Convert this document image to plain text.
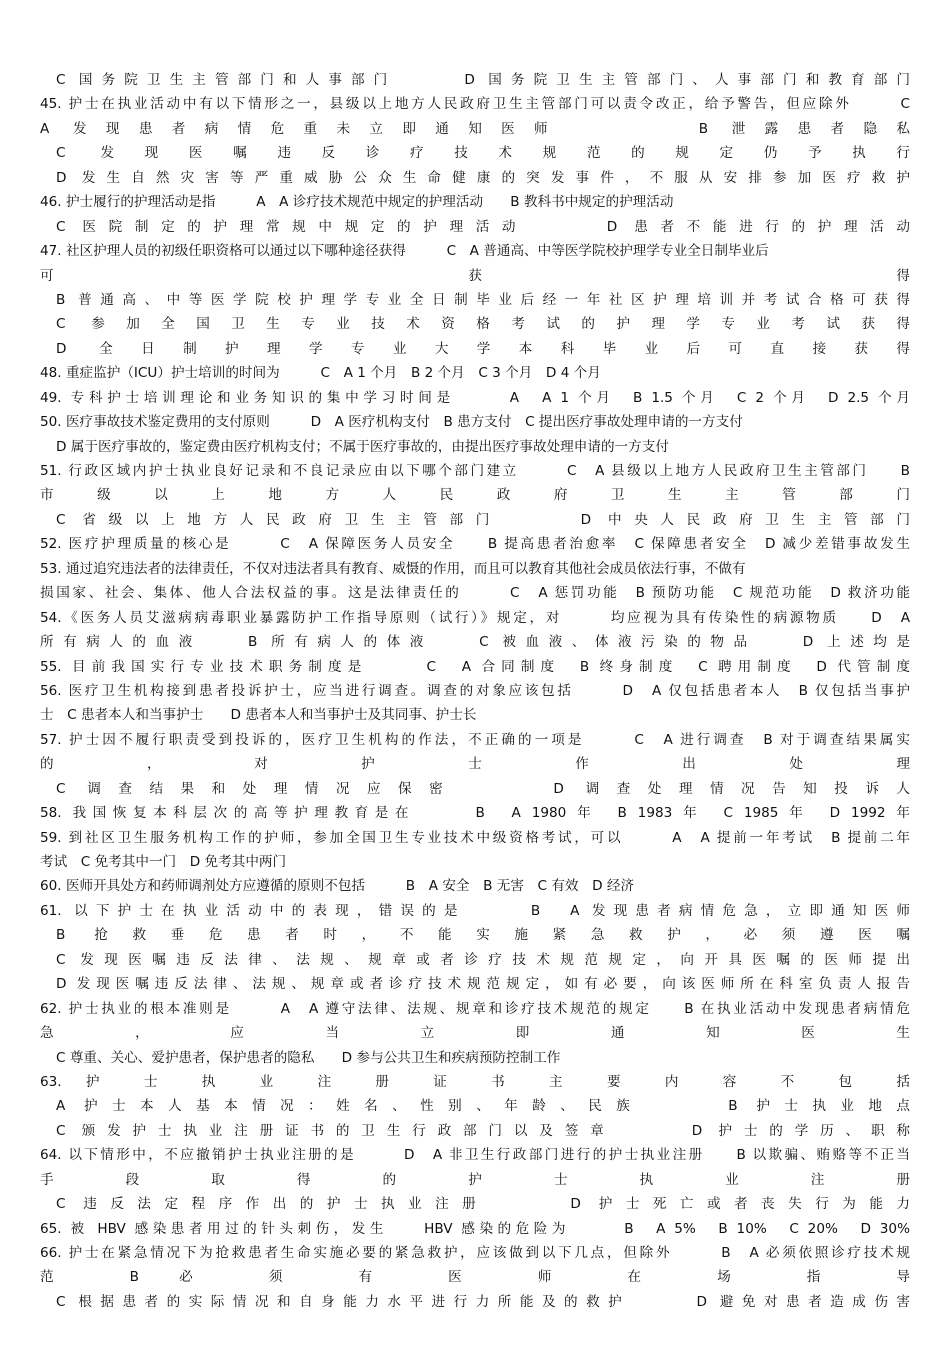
C 国务院卫生主管部门和人事部门　　　D 国务院卫生主管部门、人事部门和教育部门
45. 护士在执业活动中有以下情形之一，县级以上地方人民政府卫生主管部门可以责令改正，给予警告，但应除外　　　C
A 发现患者病情危重未立即通知医师　　　　B 泄露患者隐私
C 发现医嘱违反诊疗技术规范的规定仍予执行
D 发生自然灾害等严重威胁公众生命健康的突发事件，不服从安排参加医疗救护
46. 护士履行的护理活动是指　　　A　A 诊疗技术规范中规定的护理活动　　B 教科书中规定的护理活动
C 医院制定的护理常规中规定的护理活动　　　D 患者不能进行的护理活动
47. 社区护理人员的初级任职资格可以通过以下哪种途径获得　　　C　A 普通高、中等医学院校护理学专业全日制毕业后
可 获 得
B 普通高、中等医学院校护理学专业全日制毕业后经一年社区护理培训并考试合格可获得
C 参加全国卫生专业技术资格考试的护理学专业考试获得
D 全日制护理学专业大学本科毕业后可直接获得
48. 重症监护（ICU）护士培训的时间为　　　C　A 1 个月　B 2 个月　C 3 个月　D 4 个月
49. 专科护士培训理论和业务知识的集中学习时间是　　　A　A 1 个月　B 1.5 个月　C 2 个月　D 2.5 个月
50. 医疗事故技术鉴定费用的支付原则　　　D　A 医疗机构支付　B 患方支付　C 提出医疗事故处理申请的一方支付
D 属于医疗事故的，鉴定费由医疗机构支付；不属于医疗事故的，由提出医疗事故处理申请的一方支付
51. 行政区域内护士执业良好记录和不良记录应由以下哪个部门建立　　　C　A 县级以上地方人民政府卫生主管部门　　B
市 级 以 上 地 方 人 民 政 府 卫 生 主 管 部 门
C 省级以上地方人民政府卫生主管部门　　　D 中央人民政府卫生主管部门
52. 医疗护理质量的核心是　　　C　A 保障医务人员安全　　B 提高患者治愈率　C 保障患者安全　D 减少差错事故发生
53. 通过追究违法者的法律责任，不仅对违法者具有教育、威慑的作用，而且可以教育其他社会成员依法行事，不做有
损国家、社会、集体、他人合法权益的事。这是法律责任的　　　C　A 惩罚功能　B 预防功能　C 规范功能　D 救济功能
54.《医务人员艾滋病病毒职业暴露防护工作指导原则（试行）》规定，对　　　均应视为具有传染性的病源物质　　D　A
所有病人的血液　　B 所有病人的体液　　C 被血液、体液污染的物品　　D 上述均是
55. 目前我国实行专业技术职务制度是　　　C　A 合同制度　B 终身制度　C 聘用制度　D 代管制度
56. 医疗卫生机构接到患者投诉护士，应当进行调查。调查的对象应该包括　　　D　A 仅包括患者本人　B 仅包括当事护
士　C 患者本人和当事护士　　D 患者本人和当事护士及其同事、护士长
57. 护士因不履行职责受到投诉的，医疗卫生机构的作法，不正确的一项是　　　C　A 进行调查　B 对于调查结果属实
的 ， 对 护 士 作 出 处 理
C 调查结果和处理情况应保密　　　D 调查处理情况告知投诉人
58. 我国恢复本科层次的高等护理教育是在　　　B　A 1980 年　B 1983 年　C 1985 年　D 1992 年
59. 到社区卫生服务机构工作的护师，参加全国卫生专业技术中级资格考试，可以　　　A　A 提前一年考试　B 提前二年
考试　C 免考其中一门　D 免考其中两门
60. 医师开具处方和药师调剂处方应遵循的原则不包括　　　B　A 安全　B 无害　C 有效　D 经济
61. 以下护士在执业活动中的表现，错误的是　　　B　A 发现患者病情危急，立即通知医师
B 抢救垂危患者时，不能实施紧急救护，必须遵医嘱
C 发现医嘱违反法律、法规、规章或者诊疗技术规范规定，向开具医嘱的医师提出
D 发现医嘱违反法律、法规、规章或者诊疗技术规范规定，如有必要，向该医师所在科室负责人报告
62. 护士执业的根本准则是　　　A　A 遵守法律、法规、规章和诊疗技术规范的规定　　B 在执业活动中发现患者病情危
急 ， 应 当 立 即 通 知 医 生
C 尊重、关心、爱护患者，保护患者的隐私　　D 参与公共卫生和疾病预防控制工作
63. 护 士 执 业 注 册 证 书 主 要 内 容 不 包 括
A 护士本人基本情况：姓名、性别、年龄、民族　　　B 护士执业地点
C 颁发护士执业注册证书的卫生行政部门以及签章　　　D 护士的学历、职称
64. 以下情形中，不应撤销护士执业注册的是　　　D　A 非卫生行政部门进行的护士执业注册　　B 以欺骗、贿赂等不正当
手 段 取 得 的 护 士 执 业 注 册
C 违反法定程序作出的护士执业注册　　　D 护士死亡或者丧失行为能力
65. 被 HBV 感染患者用过的针头刺伤，发生　　HBV 感染的危险为　　　B　A 5%　B 10%　C 20%　D 30%
66. 护士在紧急情况下为抢救患者生命实施必要的紧急救护，应该做到以下几点，但除外　　　B　A 必须依照诊疗技术规
范 B 必 须 有 医 师 在 场 指 导
C 根据患者的实际情况和自身能力水平进行力所能及的救护　　　D 避免对患者造成伤害
